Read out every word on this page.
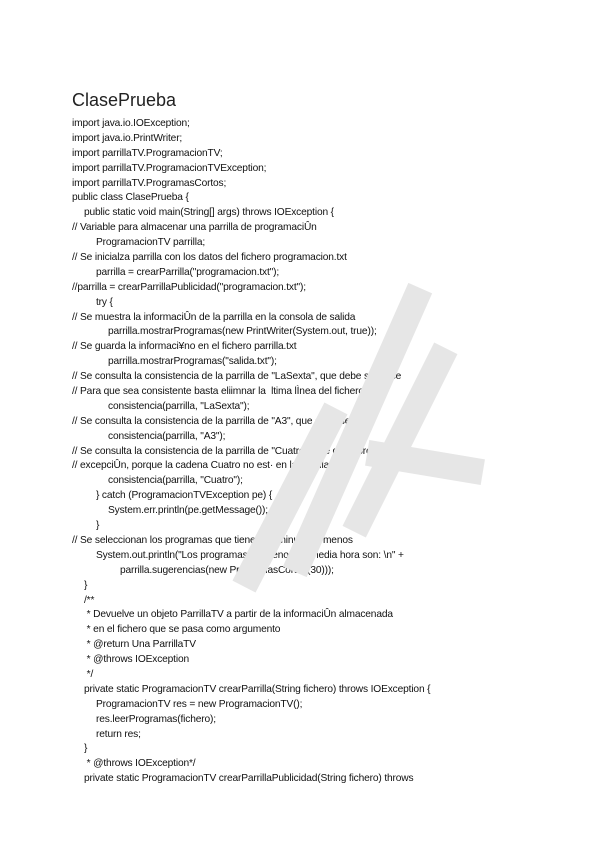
ClasePrueba
import java.io.IOException;
import java.io.PrintWriter;
import parrillaTV.ProgramacionTV;
import parrillaTV.ProgramacionTVException;
import parrillaTV.ProgramasCortos;
public class ClasePrueba {
public static void main(String[] args) throws IOException {
// Variable para almacenar una parrilla de programaciÛn
ProgramacionTV parrilla;
// Se inicialza parrilla con los datos del fichero programacion.txt
parrilla = crearParrilla("programacion.txt");
//parrilla = crearParrillaPublicidad("programacion.txt");
try {
// Se muestra la informaciÛn de la parrilla en la consola de salida
parrilla.mostrarProgramas(new PrintWriter(System.out, true));
// Se guarda la informaci¥no en el fichero parrilla.txt
parrilla.mostrarProgramas("salida.txt");
// Se consulta la consistencia de la parrilla de "LaSexta", que debe ser false
// Para que sea consistente basta eliimnar la  ltima lÌnea del fichero.
consistencia(parrilla, "LaSexta");
// Se consulta la consistencia de la parrilla de "A3", que debe ser true
consistencia(parrilla, "A3");
// Se consulta la consistencia de la parrilla de "Cuatro", que debe producir una
// excepciÛn, porque la cadena Cuatro no est· en la parrilla.
consistencia(parrilla, "Cuatro");
} catch (ProgramacionTVException pe) {
System.err.println(pe.getMessage());
}
// Se seleccionan los programas que tienen 30 minutos o menos
System.out.println("Los programas de menos de media hora son: \n" +
parrilla.sugerencias(new ProgramasCortos(30)));
}
/**
* Devuelve un objeto ParrillaTV a partir de la informaciÛn almacenada
* en el fichero que se pasa como argumento
* @return Una ParrillaTV
* @throws IOException
*/
private static ProgramacionTV crearParrilla(String fichero) throws IOException {
ProgramacionTV res = new ProgramacionTV();
res.leerProgramas(fichero);
return res;
}
* @throws IOException*/
private static ProgramacionTV crearParrillaPublicidad(String fichero) throws
